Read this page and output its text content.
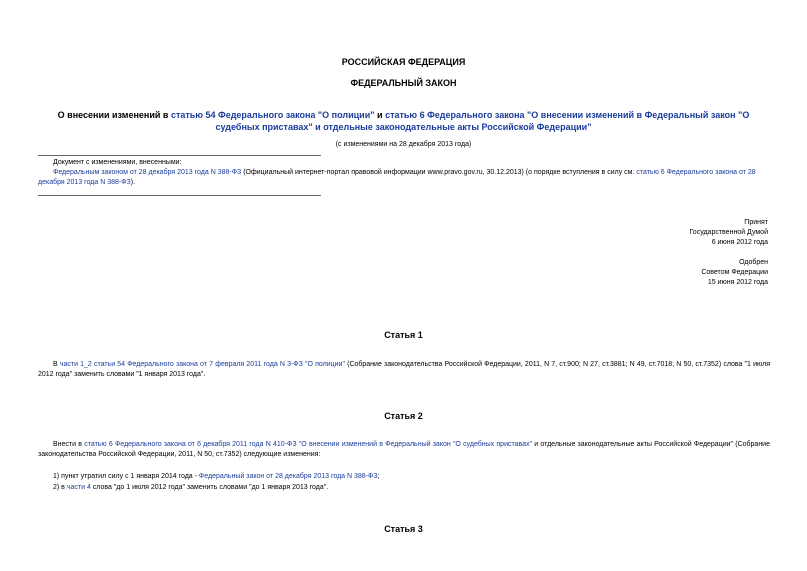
РОССИЙСКАЯ ФЕДЕРАЦИЯ
ФЕДЕРАЛЬНЫЙ ЗАКОН
О внесении изменений в статью 54 Федерального закона "О полиции" и статью 6 Федерального закона "О внесении изменений в Федеральный закон "О судебных приставах" и отдельные законодательные акты Российской Федерации"
(с изменениями на 28 декабря 2013 года)
Документ с изменениями, внесенными:
Федеральным законом от 28 декабря 2013 года N 388-ФЗ (Официальный интернет-портал правовой информации www.pravo.gov.ru, 30.12.2013) (о порядке вступления в силу см. статью 6 Федерального закона от 28 декабря 2013 года N 388-ФЗ).
Принят
Государственной Думой
6 июня 2012 года
Одобрен
Советом Федерации
15 июня 2012 года
Статья 1
В части 1_2 статьи 54 Федерального закона от 7 февраля 2011 года N 3-ФЗ "О полиции" (Собрание законодательства Российской Федерации, 2011, N 7, ст.900; N 27, ст.3881; N 49, ст.7018; N 50, ст.7352) слова "1 июля 2012 года" заменить словами "1 января 2013 года".
Статья 2
Внести в статью 6 Федерального закона от 6 декабря 2011 года N 410-ФЗ "О внесении изменений в Федеральный закон "О судебных приставах" и отдельные законодательные акты Российской Федерации" (Собрание законодательства Российской Федерации, 2011, N 50, ст.7352) следующие изменения:
1) пункт утратил силу с 1 января 2014 года - Федеральный закон от 28 декабря 2013 года N 388-ФЗ;
2) в части 4 слова "до 1 июля 2012 года" заменить словами "до 1 января 2013 года".
Статья 3
